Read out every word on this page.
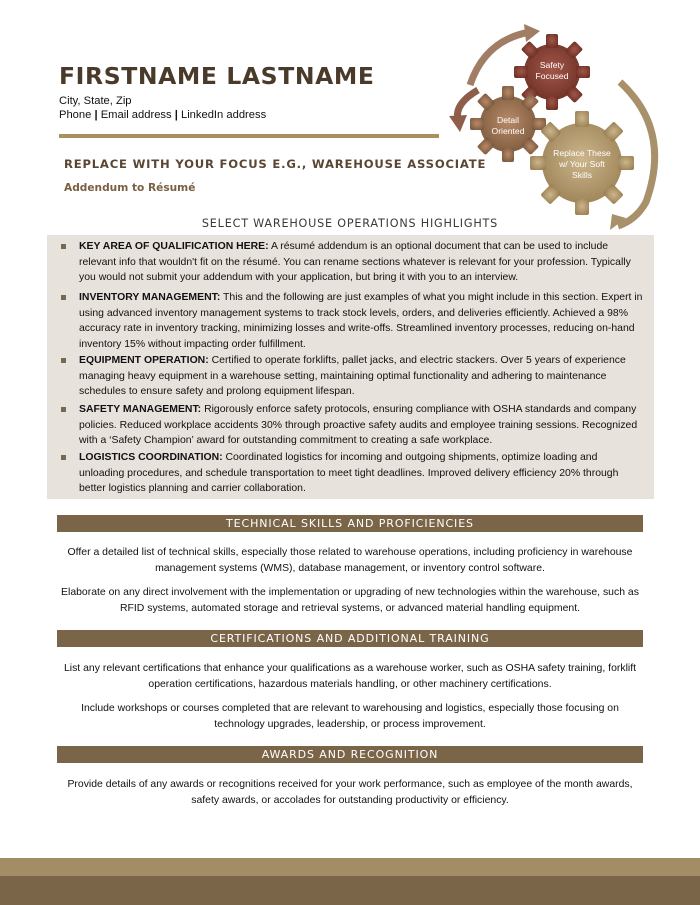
FIRSTNAME LASTNAME
City, State, Zip
Phone | Email address | LinkedIn address
REPLACE WITH YOUR FOCUS E.G., WAREHOUSE ASSOCIATE
Addendum to Résumé
Safety
Focused
Detail
Oriented
Replace These
w/ Your Soft
Skills
SELECT WAREHOUSE OPERATIONS HIGHLIGHTS
KEY AREA OF QUALIFICATION HERE: A résumé addendum is an optional document that can be used to include relevant info that wouldn't fit on the résumé. You can rename sections whatever is relevant for your profession. Typically you would not submit your addendum with your application, but bring it with you to an interview.
INVENTORY MANAGEMENT: This and the following are just examples of what you might include in this section. Expert in using advanced inventory management systems to track stock levels, orders, and deliveries efficiently. Achieved a 98% accuracy rate in inventory tracking, minimizing losses and write-offs. Streamlined inventory processes, reducing on-hand inventory 15% without impacting order fulfillment.
EQUIPMENT OPERATION: Certified to operate forklifts, pallet jacks, and electric stackers. Over 5 years of experience managing heavy equipment in a warehouse setting, maintaining optimal functionality and adhering to maintenance schedules to ensure safety and prolong equipment lifespan.
SAFETY MANAGEMENT: Rigorously enforce safety protocols, ensuring compliance with OSHA standards and company policies. Reduced workplace accidents 30% through proactive safety audits and employee training sessions. Recognized with a ‘Safety Champion’ award for outstanding commitment to creating a safe workplace.
LOGISTICS COORDINATION: Coordinated logistics for incoming and outgoing shipments, optimize loading and unloading procedures, and schedule transportation to meet tight deadlines. Improved delivery efficiency 20% through better logistics planning and carrier collaboration.
TECHNICAL SKILLS AND PROFICIENCIES
Offer a detailed list of technical skills, especially those related to warehouse operations, including proficiency in warehouse management systems (WMS), database management, or inventory control software.
Elaborate on any direct involvement with the implementation or upgrading of new technologies within the warehouse, such as RFID systems, automated storage and retrieval systems, or advanced material handling equipment.
CERTIFICATIONS AND ADDITIONAL TRAINING
List any relevant certifications that enhance your qualifications as a warehouse worker, such as OSHA safety training, forklift operation certifications, hazardous materials handling, or other machinery certifications.
Include workshops or courses completed that are relevant to warehousing and logistics, especially those focusing on technology upgrades, leadership, or process improvement.
AWARDS AND RECOGNITION
Provide details of any awards or recognitions received for your work performance, such as employee of the month awards, safety awards, or accolades for outstanding productivity or efficiency.
